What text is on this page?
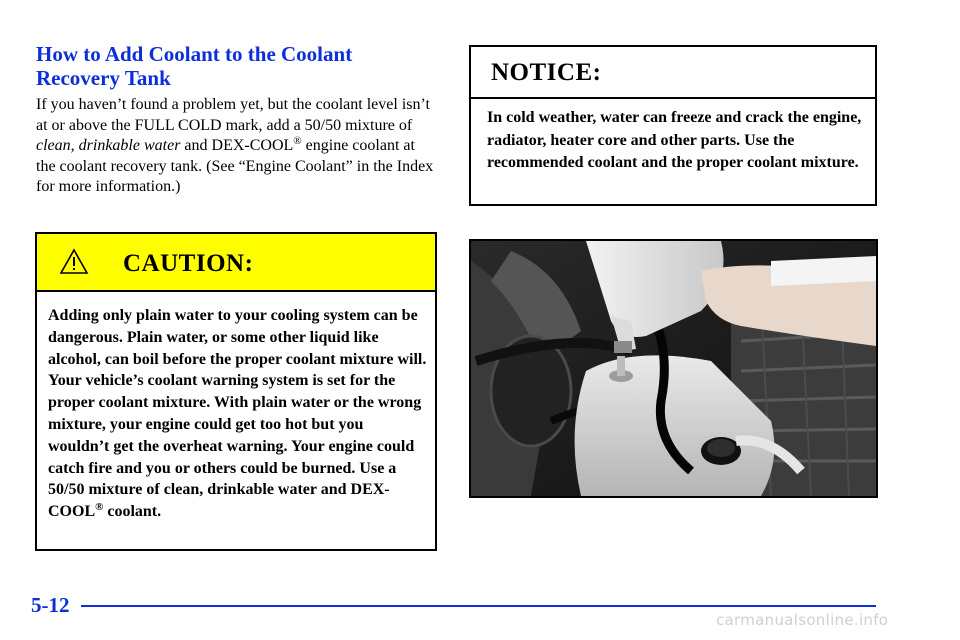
How to Add Coolant to the Coolant Recovery Tank

If you haven’t found a problem yet, but the coolant level isn’t at or above the FULL COLD mark, add a 50/50 mixture of clean, drinkable water and DEX-COOL® engine coolant at the coolant recovery tank. (See “Engine Coolant” in the Index for more information.)

CAUTION:

Adding only plain water to your cooling system can be dangerous. Plain water, or some other liquid like alcohol, can boil before the proper coolant mixture will. Your vehicle’s coolant warning system is set for the proper coolant mixture. With plain water or the wrong mixture, your engine could get too hot but you wouldn’t get the overheat warning. Your engine could catch fire and you or others could be burned. Use a 50/50 mixture of clean, drinkable water and DEX-COOL® coolant.

NOTICE:

In cold weather, water can freeze and crack the engine, radiator, heater core and other parts. Use the recommended coolant and the proper coolant mixture.

5-12
carmanualsonline.info
